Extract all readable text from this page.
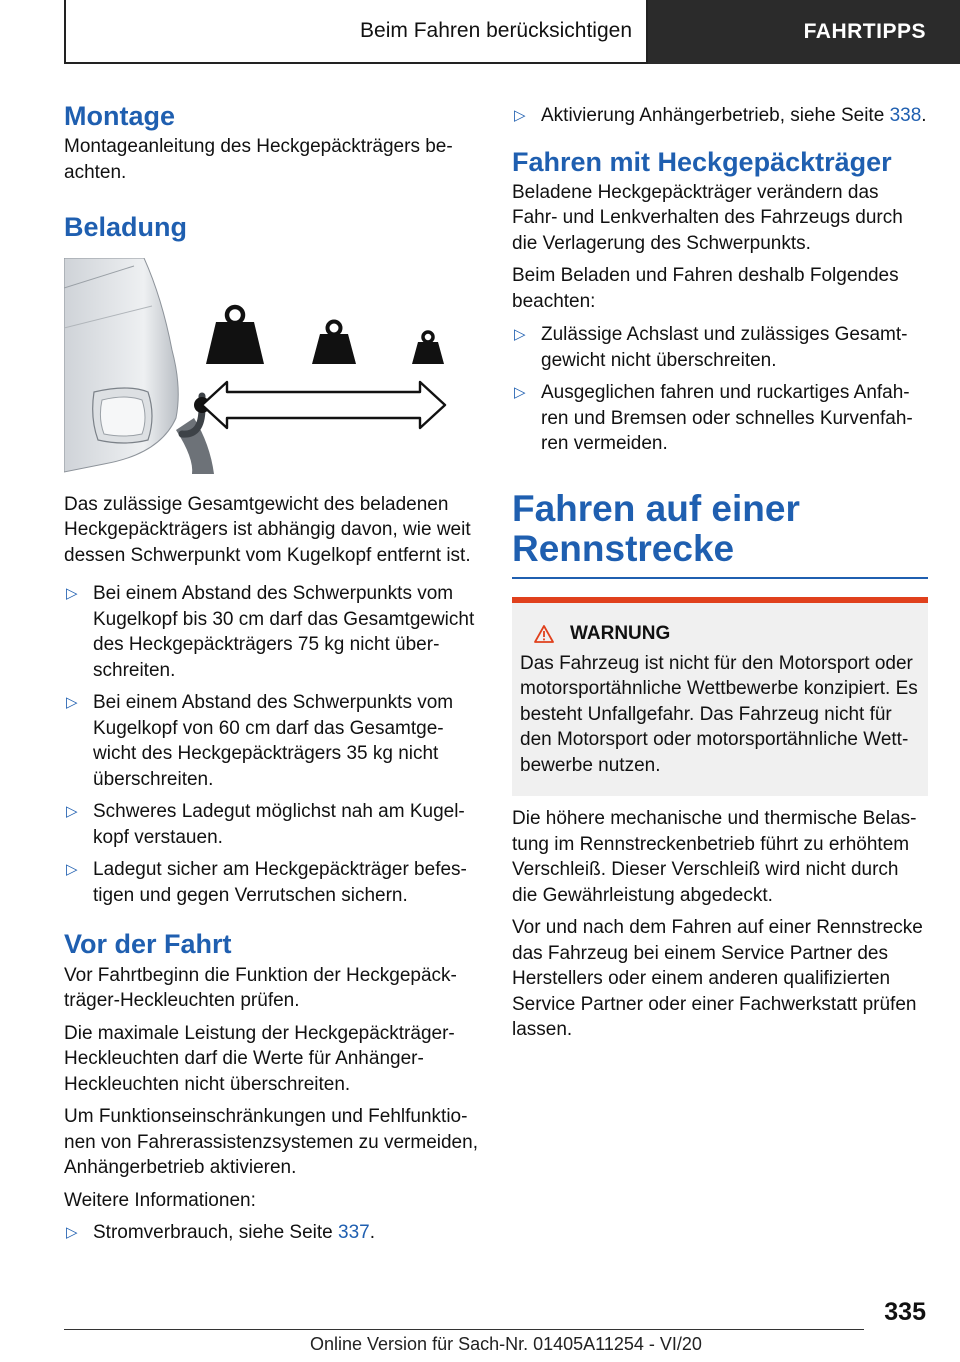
Beim Fahren berücksichtigen	FAHRTIPPS
Montage

Montageanleitung des Heckgepäckträgers be-achten.

Beladung

Das zulässige Gesamtgewicht des beladenen Heckgepäckträgers ist abhängig davon, wie weit dessen Schwerpunkt vom Kugelkopf entfernt ist.

▷ Bei einem Abstand des Schwerpunkts vom Kugelkopf bis 30 cm darf das Gesamtgewicht des Heckgepäckträgers 75 kg nicht über-schreiten.
▷ Bei einem Abstand des Schwerpunkts vom Kugelkopf von 60 cm darf das Gesamtge-wicht des Heckgepäckträgers 35 kg nicht überschreiten.
▷ Schweres Ladegut möglichst nah am Kugel-kopf verstauen.
▷ Ladegut sicher am Heckgepäckträger befes-tigen und gegen Verrutschen sichern.
Vor der Fahrt

Vor Fahrtbeginn die Funktion der Heckgepäck-träger-Heckleuchten prüfen.

Die maximale Leistung der Heckgepäckträger-Heckleuchten darf die Werte für Anhänger-Heckleuchten nicht überschreiten.

Um Funktionseinschränkungen und Fehlfunktio-nen von Fahrerassistenzsystemen zu vermeiden, Anhängerbetrieb aktivieren.

Weitere Informationen:

▷ Stromverbrauch, siehe Seite 337.
▷ Aktivierung Anhängerbetrieb, siehe Seite 338.
Fahren mit Heckgepäckträger

Beladene Heckgepäckträger verändern das Fahr- und Lenkverhalten des Fahrzeugs durch die Verlagerung des Schwerpunkts.

Beim Beladen und Fahren deshalb Folgendes beachten:

▷ Zulässige Achslast und zulässiges Gesamt-gewicht nicht überschreiten.
▷ Ausgeglichen fahren und ruckartiges Anfah-ren und Bremsen oder schnelles Kurvenfah-ren vermeiden.
Fahren auf einer Rennstrecke
WARNUNG

Das Fahrzeug ist nicht für den Motorsport oder motorsportähnliche Wettbewerbe konzipiert. Es besteht Unfallgefahr. Das Fahrzeug nicht für den Motorsport oder motorsportähnliche Wett-bewerbe nutzen.

Die höhere mechanische und thermische Belas-tung im Rennstreckenbetrieb führt zu erhöhtem Verschleiß. Dieser Verschleiß wird nicht durch die Gewährleistung abgedeckt.

Vor und nach dem Fahren auf einer Rennstrecke das Fahrzeug bei einem Service Partner des Herstellers oder einem anderen qualifizierten Service Partner oder einer Fachwerkstatt prüfen lassen.

335
Online Version für Sach-Nr. 01405A11254 - VI/20
